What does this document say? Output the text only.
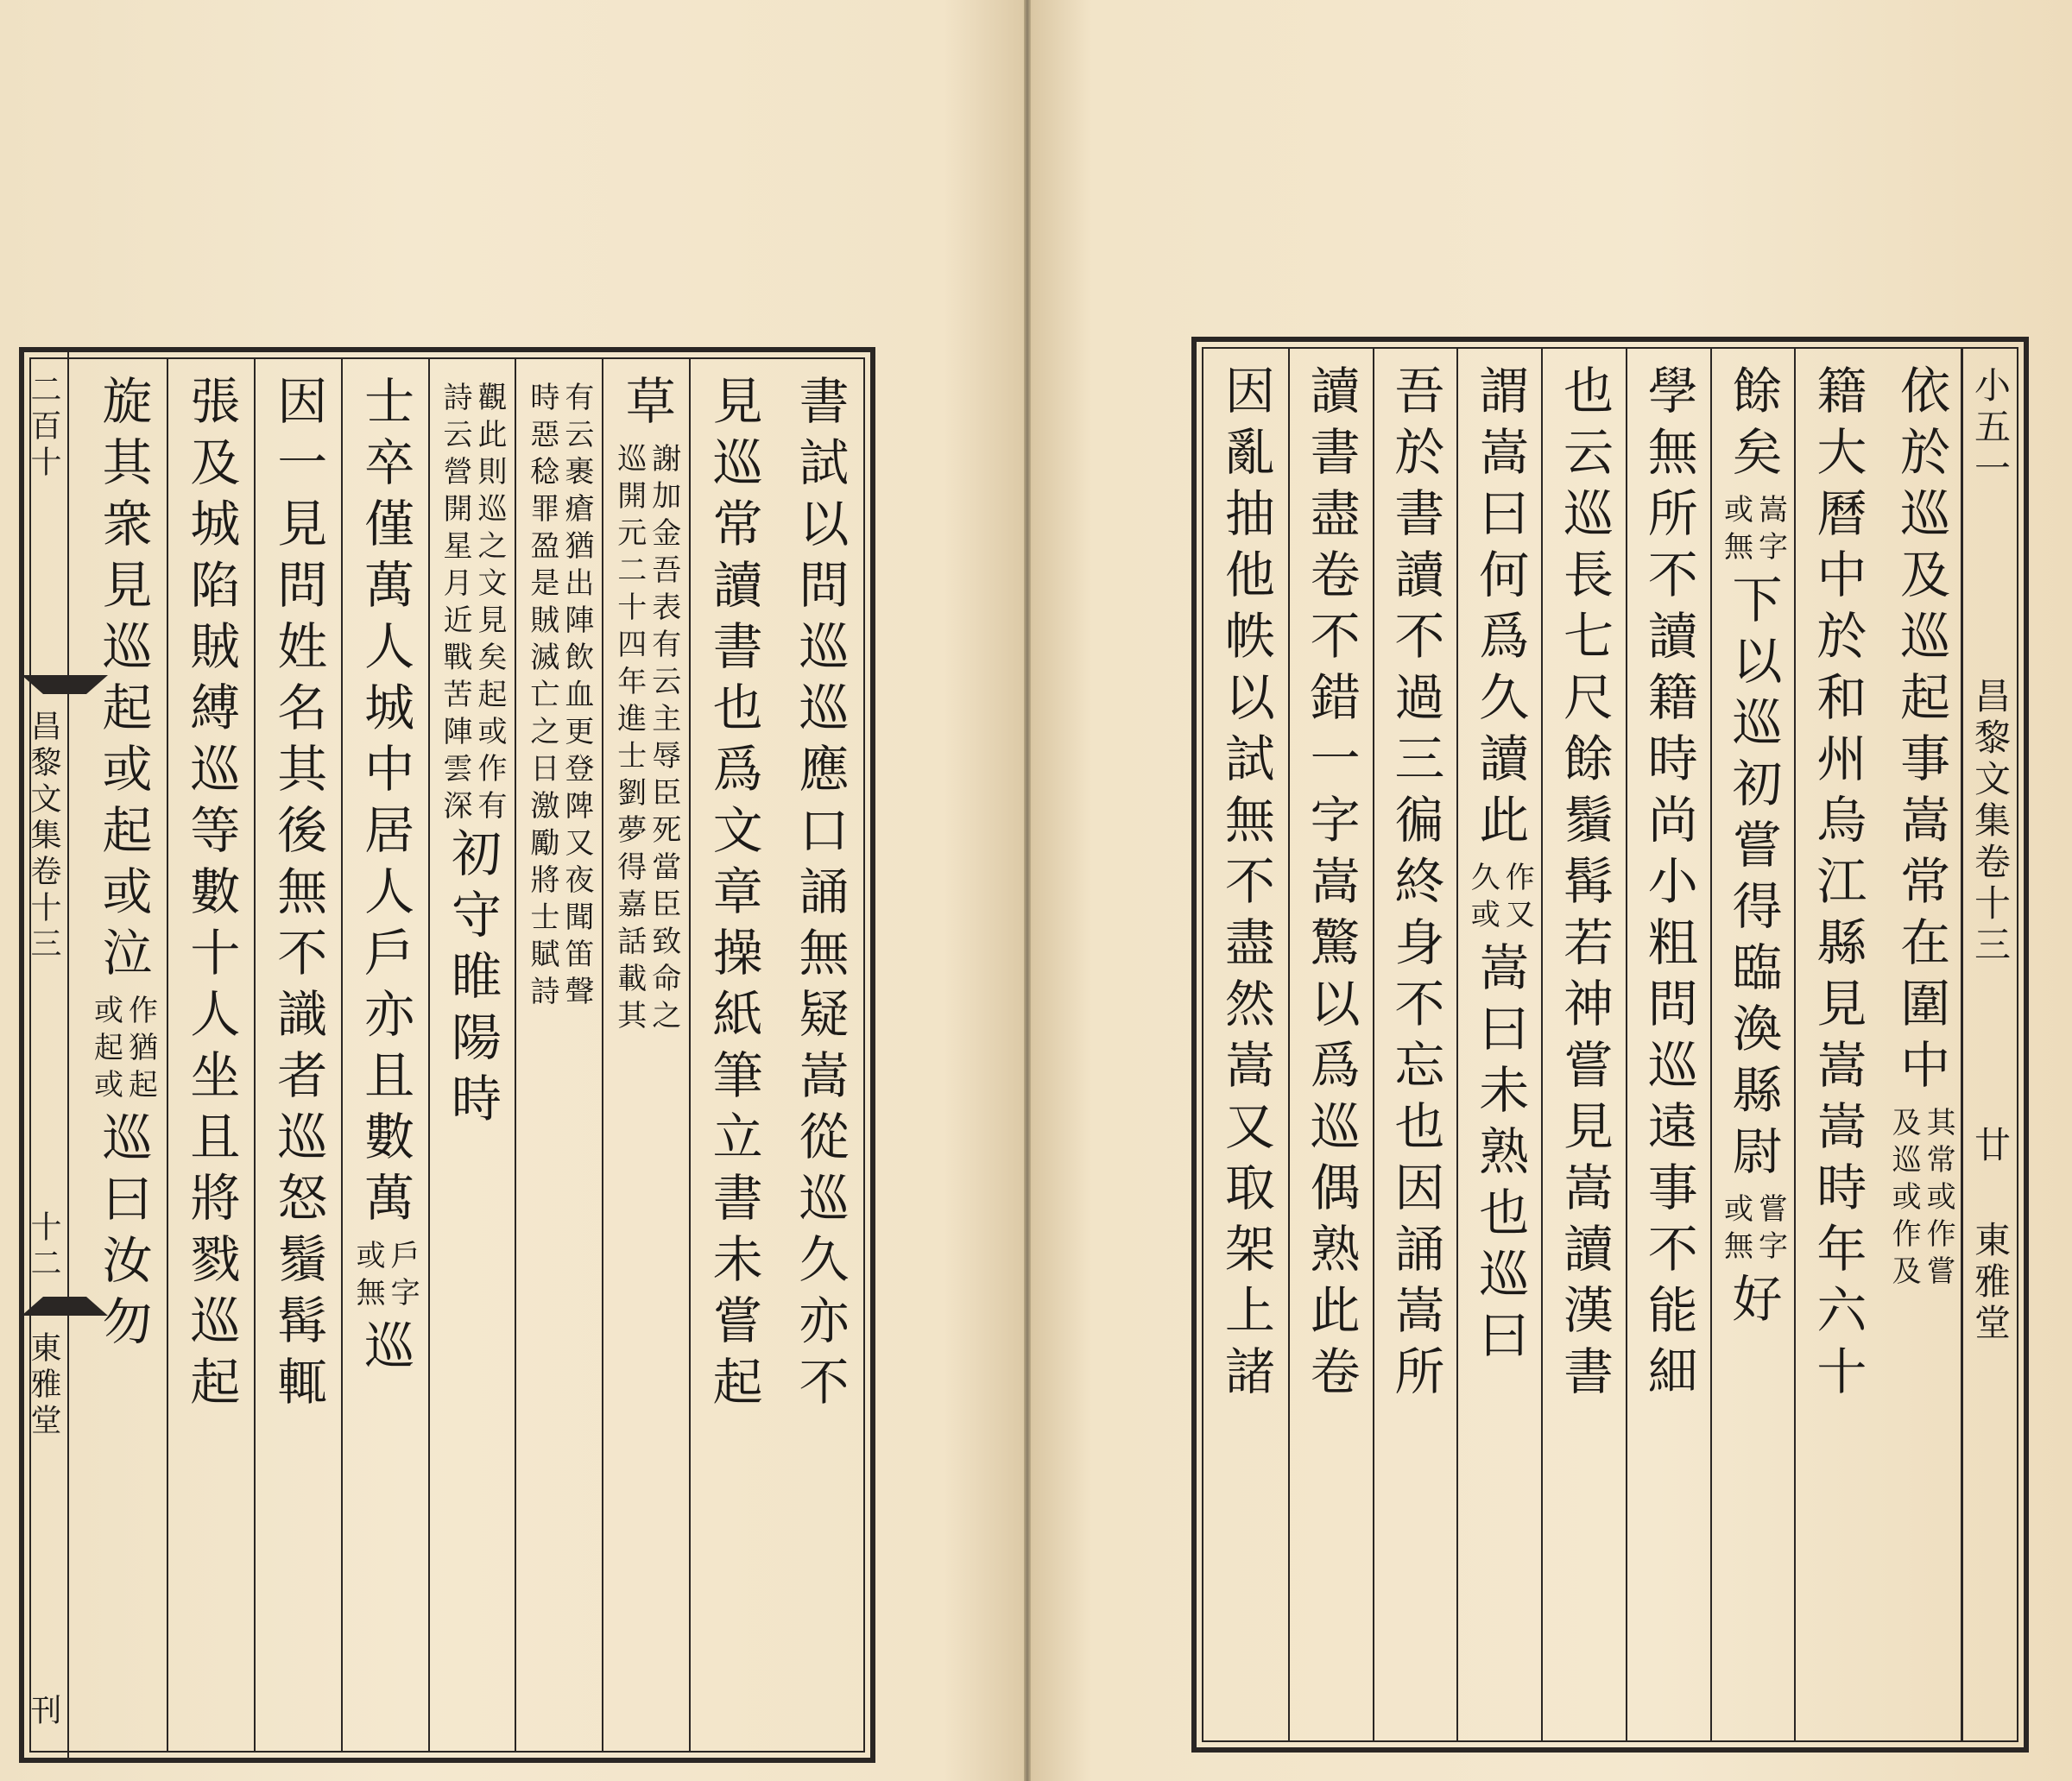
二百十
昌黎文集卷十三
十二
東雅堂
刊
書試以問巡巡應口誦無疑嵩從巡久亦不
見巡常讀書也爲文章操紙筆立書未嘗起
草
謝加金吾表有云主辱臣死當臣致命之
巡開元二十四年進士劉夢得嘉話載其
有云裹瘡猶出陣飲血更登陴又夜聞笛聲
時惡稔罪盈是賊滅亡之日激勵將士賦詩
觀此則巡之文見矣起或作有
詩云營開星月近戰苦陣雲深
初守睢陽時
士卒僅萬人城中居人戶亦且數萬
戶字
或無
巡
因一見問姓名其後無不識者巡怒鬚髯輒
張及城陷賊縛巡等數十人坐且將戮巡起
旋其衆見巡起或起或泣
作猶起
或起或
巡曰汝勿
依於巡及巡起事嵩常在圍中
其常或作嘗
及巡或作及
籍大曆中於和州烏江縣見嵩嵩時年六十
餘矣
嵩字
或無
下以巡初嘗得臨渙縣尉
嘗字
或無
好
學無所不讀籍時尚小粗問巡遠事不能細
也云巡長七尺餘鬚髯若神嘗見嵩讀漢書
謂嵩曰何爲久讀此
作又
久或
嵩曰未熟也巡曰
吾於書讀不過三徧終身不忘也因誦嵩所
讀書盡卷不錯一字嵩驚以爲巡偶熟此卷
因亂抽他帙以試無不盡然嵩又取架上諸	小五一
昌黎文集卷十三
廿
東雅堂
